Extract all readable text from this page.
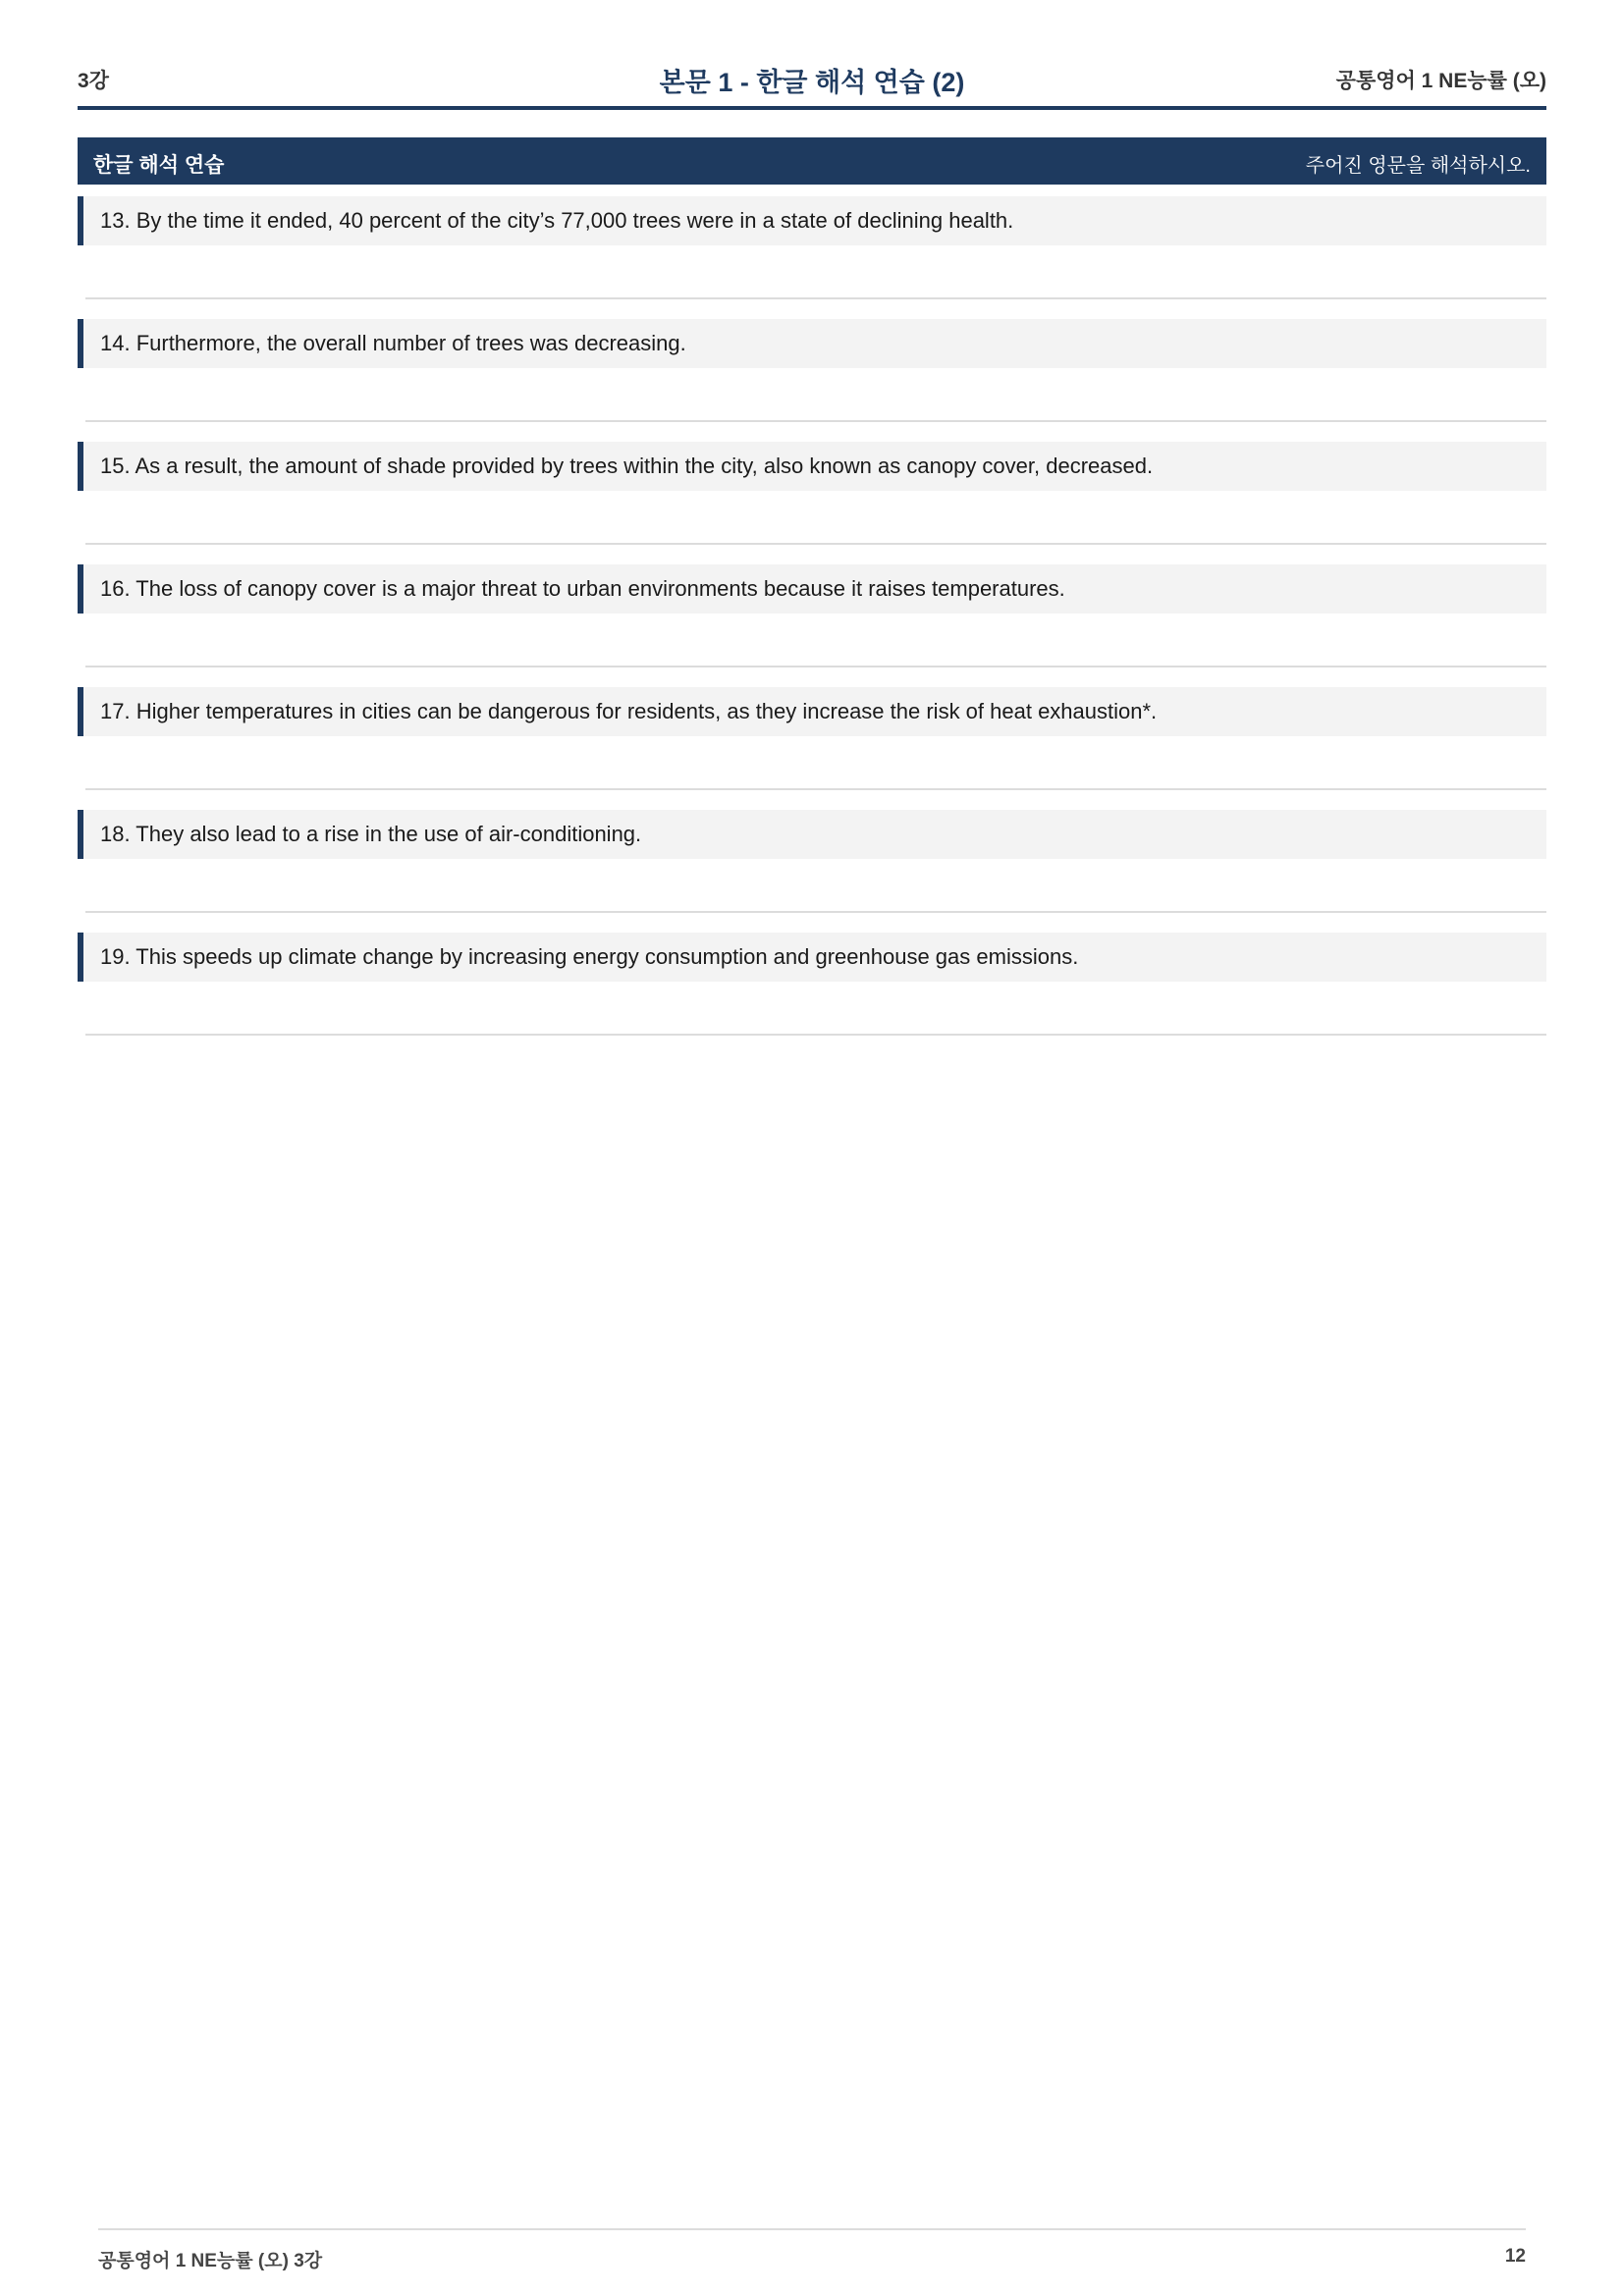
3강	본문 1 - 한글 해석 연습 (2)	공통영어 1 NE능률 (오)
한글 해석 연습	주어진 영문을 해석하시오.
13. By the time it ended, 40 percent of the city’s 77,000 trees were in a state of declining health.
14. Furthermore, the overall number of trees was decreasing.
15. As a result, the amount of shade provided by trees within the city, also known as canopy cover, decreased.
16. The loss of canopy cover is a major threat to urban environments because it raises temperatures.
17. Higher temperatures in cities can be dangerous for residents, as they increase the risk of heat exhaustion*.
18. They also lead to a rise in the use of air-conditioning.
19. This speeds up climate change by increasing energy consumption and greenhouse gas emissions.
공통영어 1 NE능률 (오) 3강	12
